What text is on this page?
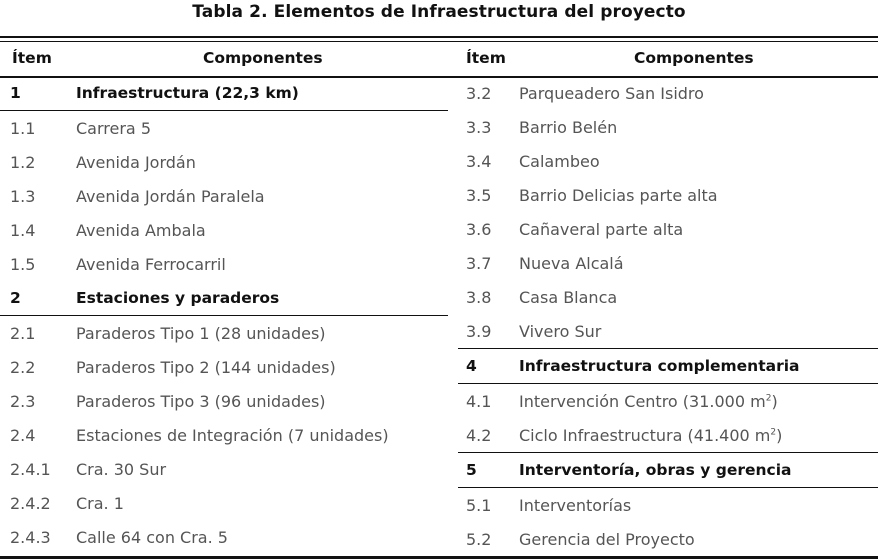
Tabla 2. Elementos de Infraestructura del proyecto
Ítem	Componentes
1	Infraestructura (22,3 km)
1.1	Carrera 5
1.2	Avenida Jordán
1.3	Avenida Jordán Paralela
1.4	Avenida Ambala
1.5	Avenida Ferrocarril
2	Estaciones y paraderos
2.1	Paraderos Tipo 1 (28 unidades)
2.2	Paraderos Tipo 2 (144 unidades)
2.3	Paraderos Tipo 3 (96 unidades)
2.4	Estaciones de Integración (7 unidades)
2.4.1 Cra. 30 Sur
2.4.2 Cra. 1
2.4.3 Calle 64 con Cra. 5
Ítem	Componentes
3.2 Parqueadero San Isidro
3.3 Barrio Belén
3.4 Calambeo
3.5 Barrio Delicias parte alta
3.6 Cañaveral parte alta
3.7 Nueva Alcalá
3.8 Casa Blanca
3.9 Vivero Sur
4	Infraestructura complementaria
4.1 Intervención Centro (31.000 $m^2$)
4.2 Ciclo Infraestructura (41.400 $m^2$)
5	Interventoría, obras y gerencia
5.1 Interventorías
5.2 Gerencia del Proyecto
